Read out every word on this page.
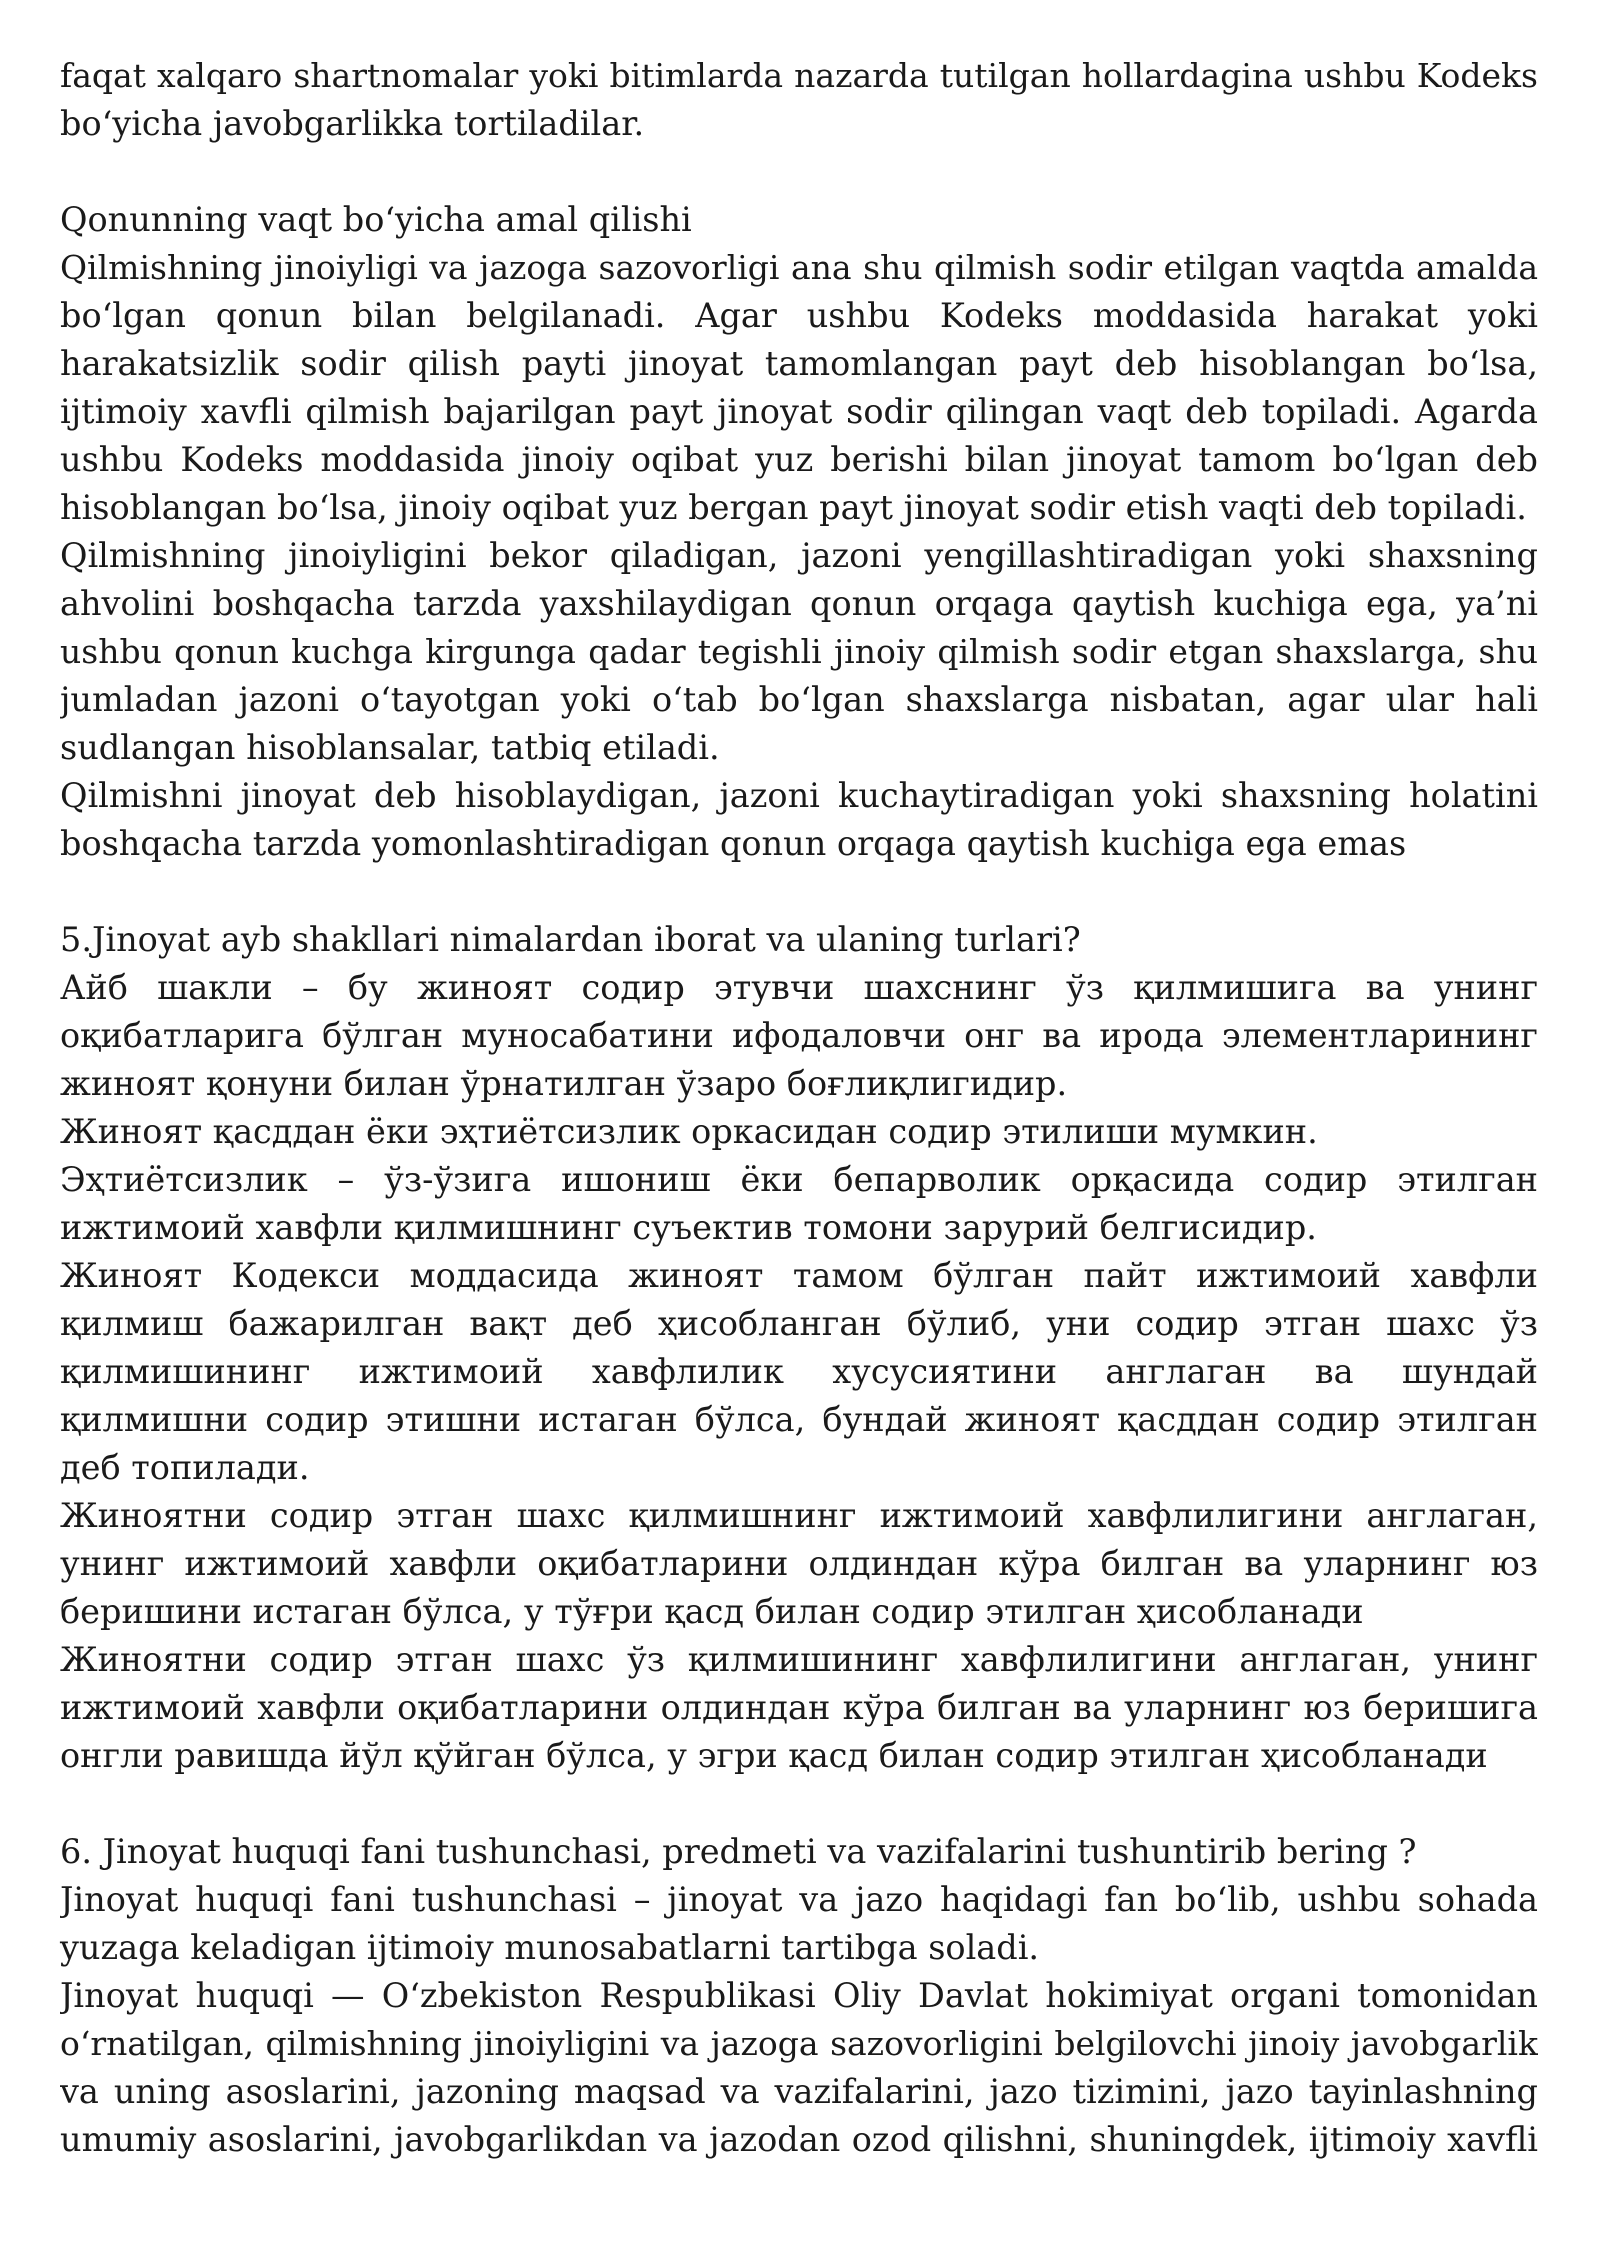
faqat xalqaro shartnomalar yoki bitimlarda nazarda tutilgan hollardagina ushbu Kodeks
bo‘yicha javobgarlikka tortiladilar.
Qonunning vaqt bo‘yicha amal qilishi
Qilmishning jinoiyligi va jazoga sazovorligi ana shu qilmish sodir etilgan vaqtda amalda
bo‘lgan qonun bilan belgilanadi. Agar ushbu Kodeks moddasida harakat yoki
harakatsizlik sodir qilish payti jinoyat tamomlangan payt deb hisoblangan bo‘lsa,
ijtimoiy xavfli qilmish bajarilgan payt jinoyat sodir qilingan vaqt deb topiladi. Agarda
ushbu Kodeks moddasida jinoiy oqibat yuz berishi bilan jinoyat tamom bo‘lgan deb
hisoblangan bo‘lsa, jinoiy oqibat yuz bergan payt jinoyat sodir etish vaqti deb topiladi.
Qilmishning jinoiyligini bekor qiladigan, jazoni yengillashtiradigan yoki shaxsning
ahvolini boshqacha tarzda yaxshilaydigan qonun orqaga qaytish kuchiga ega, ya’ni
ushbu qonun kuchga kirgunga qadar tegishli jinoiy qilmish sodir etgan shaxslarga, shu
jumladan jazoni o‘tayotgan yoki o‘tab bo‘lgan shaxslarga nisbatan, agar ular hali
sudlangan hisoblansalar, tatbiq etiladi.
Qilmishni jinoyat deb hisoblaydigan, jazoni kuchaytiradigan yoki shaxsning holatini
boshqacha tarzda yomonlashtiradigan qonun orqaga qaytish kuchiga ega emas
5.Jinoyat ayb shakllari nimalardan iborat va ulaning turlari?
Айб шакли – бу жиноят содир этувчи шахснинг ўз қилмишига ва унинг
оқибатларига бўлган муносабатини ифодаловчи онг ва ирода элементларининг
жиноят қонуни билан ўрнатилган ўзаро боғлиқлигидир.
Жиноят қасддан ёки эҳтиётсизлик оркасидан содир этилиши мумкин.
Эҳтиётсизлик – ўз-ўзига ишониш ёки бепарволик орқасида содир этилган
ижтимоий хавфли қилмишнинг суъектив томони зарурий белгисидир.
Жиноят Кодекси моддасида жиноят тамом бўлган пайт ижтимоий хавфли
қилмиш бажарилган вақт деб ҳисобланган бўлиб, уни содир этган шахс ўз
қилмишининг ижтимоий хавфлилик хусусиятини англаган ва шундай
қилмишни содир этишни истаган бўлса, бундай жиноят қасддан содир этилган
деб топилади.
Жиноятни содир этган шахс қилмишнинг ижтимоий хавфлилигини англаган,
унинг ижтимоий хавфли оқибатларини олдиндан кўра билган ва уларнинг юз
беришини истаган бўлса, у тўғри қасд билан содир этилган ҳисобланади
Жиноятни содир этган шахс ўз қилмишининг хавфлилигини англаган, унинг
ижтимоий хавфли оқибатларини олдиндан кўра билган ва уларнинг юз беришига
онгли равишда йўл қўйган бўлса, у эгри қасд билан содир этилган ҳисобланади
6. Jinoyat huquqi fani tushunchasi, predmeti va vazifalarini tushuntirib bering ?
Jinoyat huquqi fani tushunchasi – jinoyat va jazo haqidagi fan bo‘lib, ushbu sohada
yuzaga keladigan ijtimoiy munosabatlarni tartibga soladi.
Jinoyat huquqi — O‘zbekiston Respublikasi Oliy Davlat hokimiyat organi tomonidan
o‘rnatilgan, qilmishning jinoiyligini va jazoga sazovorligini belgilovchi jinoiy javobgarlik
va uning asoslarini, jazoning maqsad va vazifalarini, jazo tizimini, jazo tayinlashning
umumiy asoslarini, javobgarlikdan va jazodan ozod qilishni, shuningdek, ijtimoiy xavfli
